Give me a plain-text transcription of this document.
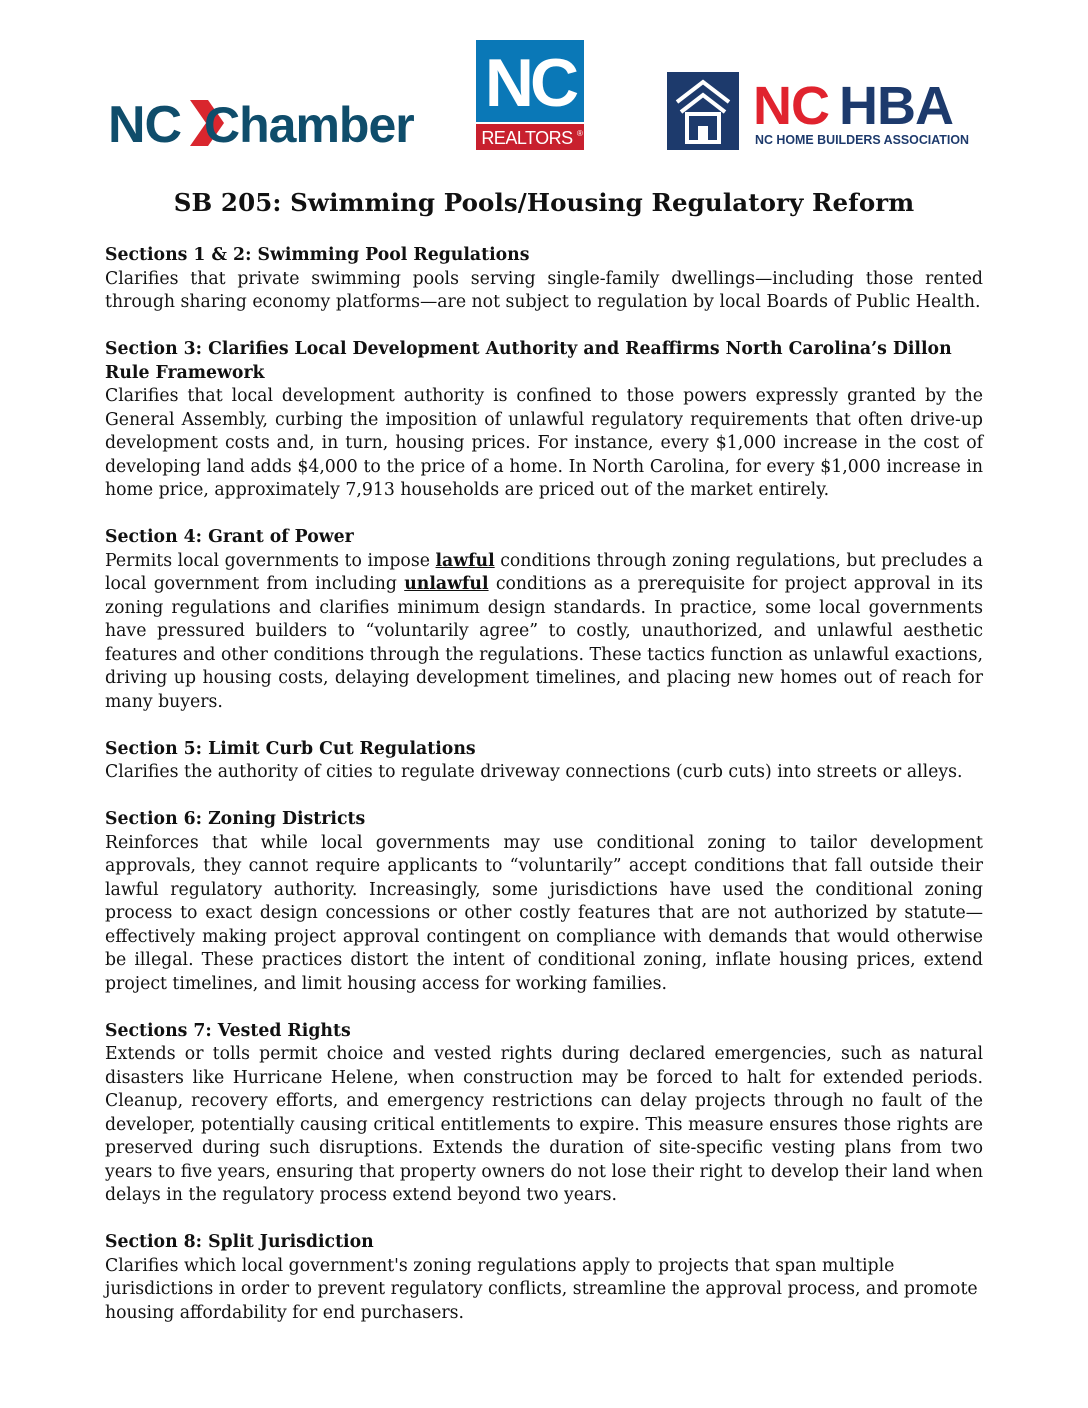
NC Chamber
NC
REALTORS ®	NC HBA
NC HOME BUILDERS ASSOCIATION
SB 205: Swimming Pools/Housing Regulatory Reform

Sections 1 & 2: Swimming Pool Regulations

Clarifies that private swimming pools serving single-family dwellings—including those rented through sharing economy platforms—are not subject to regulation by local Boards of Public Health.

Section 3: Clarifies Local Development Authority and Reaffirms North Carolina’s Dillon Rule Framework

Clarifies that local development authority is confined to those powers expressly granted by the General Assembly, curbing the imposition of unlawful regulatory requirements that often drive-up development costs and, in turn, housing prices. For instance, every $1,000 increase in the cost of developing land adds $4,000 to the price of a home. In North Carolina, for every $1,000 increase in home price, approximately 7,913 households are priced out of the market entirely.

Section 4: Grant of Power

Permits local governments to impose lawful conditions through zoning regulations, but precludes a local government from including unlawful conditions as a prerequisite for project approval in its zoning regulations and clarifies minimum design standards. In practice, some local governments have pressured builders to “voluntarily agree” to costly, unauthorized, and unlawful aesthetic features and other conditions through the regulations. These tactics function as unlawful exactions, driving up housing costs, delaying development timelines, and placing new homes out of reach for many buyers.

Section 5: Limit Curb Cut Regulations

Clarifies the authority of cities to regulate driveway connections (curb cuts) into streets or alleys.

Section 6: Zoning Districts

Reinforces that while local governments may use conditional zoning to tailor development approvals, they cannot require applicants to “voluntarily” accept conditions that fall outside their lawful regulatory authority. Increasingly, some jurisdictions have used the conditional zoning process to exact design concessions or other costly features that are not authorized by statute—effectively making project approval contingent on compliance with demands that would otherwise be illegal. These practices distort the intent of conditional zoning, inflate housing prices, extend project timelines, and limit housing access for working families.

Sections 7: Vested Rights

Extends or tolls permit choice and vested rights during declared emergencies, such as natural disasters like Hurricane Helene, when construction may be forced to halt for extended periods. Cleanup, recovery efforts, and emergency restrictions can delay projects through no fault of the developer, potentially causing critical entitlements to expire. This measure ensures those rights are preserved during such disruptions. Extends the duration of site-specific vesting plans from two years to five years, ensuring that property owners do not lose their right to develop their land when delays in the regulatory process extend beyond two years.

Section 8: Split Jurisdiction

Clarifies which local government's zoning regulations apply to projects that span multiple jurisdictions in order to prevent regulatory conflicts, streamline the approval process, and promote housing affordability for end purchasers.
